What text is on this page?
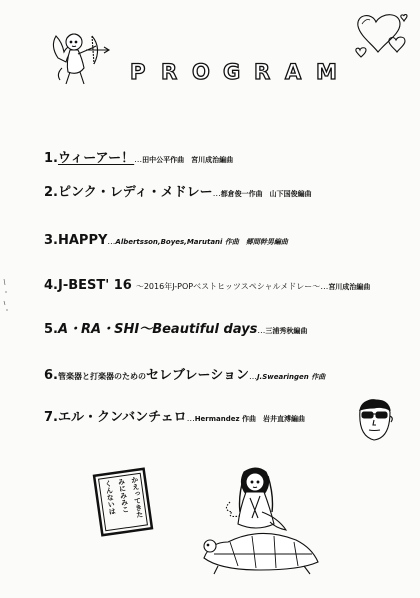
P R O G R A M
1.ウィーアー！…田中公平作曲　宮川成治編曲
2.ピンク・レディ・メドレー…都倉俊一作曲　山下国俊編曲
3.HAPPY…Albertsson,Boyes,Marutani 作曲　郷間幹男編曲
4.J-BEST' 16 ～2016年J-POPベストヒッツスペシャルメドレー～…宮川成治編曲
5.A・RA・SHI～Beautiful days…三浦秀秋編曲
6.管楽器と打楽器のためのセレブレーション…J.Swearingen 作曲
7.エル・クンバンチェロ…Hermandez 作曲　岩井直溥編曲
かえってきた
みにみみこ
くんないは
